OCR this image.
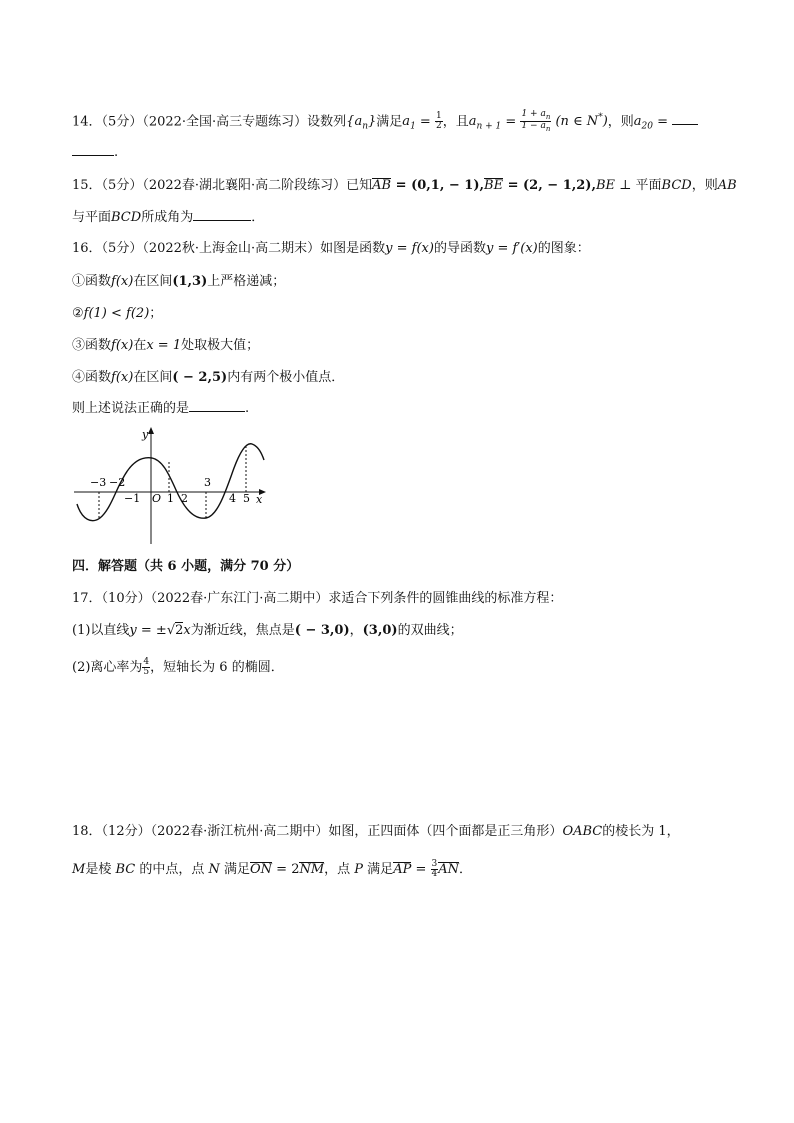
14．（5分）（2022·全国·高三专题练习）设数列$\{a_n\}$满足$a_1 = \frac{1}{2}$ ，且$a_{n + 1} = \frac{1 + a_n}{1 - a_n} (n$ ∈ N*)，则$a_{20}$ =
.
15．（5分）（2022春·湖北襄阳·高二阶段练习）已知AB = (0,1, − 1),BE = (2, − 1,2),BE ⊥ 平面BCD，则AB
与平面BCD所成角为	．
16．（5分）（2022秋·上海金山·高二期末）如图是函数y = f(x)的导函数y = f′(x)的图象：
①函数f(x)在区间(1,3)上严格递减；
②f(1) < f(2)；
③函数f(x)在x = 1处取极大值；
④函数f(x)在区间( − 2,5)内有两个极小值点．
则上述说法正确的是	.
y
x
−3 −2
−1 O 1 2
3
4 5
四．解答题（共 6 小题，满分 70 分）
17．（10分）（2022春·广东江门·高二期中）求适合下列条件的圆锥曲线的标准方程：
(1)以直线y = ±√2x为渐近线，焦点是( − 3,0)，(3,0)的双曲线；
(2)离心率为 $\frac{4}{5}$ ，短轴长为 6 的椭圆．
18．（12分）（2022春·浙江杭州·高二期中）如图，正四面体（四个面都是正三角形）OABC的棱长为 1，
M是棱 BC 的中点，点 N 满足ON = 2NM，点 P 满足AP = $\frac{3}{4}$ AN．
